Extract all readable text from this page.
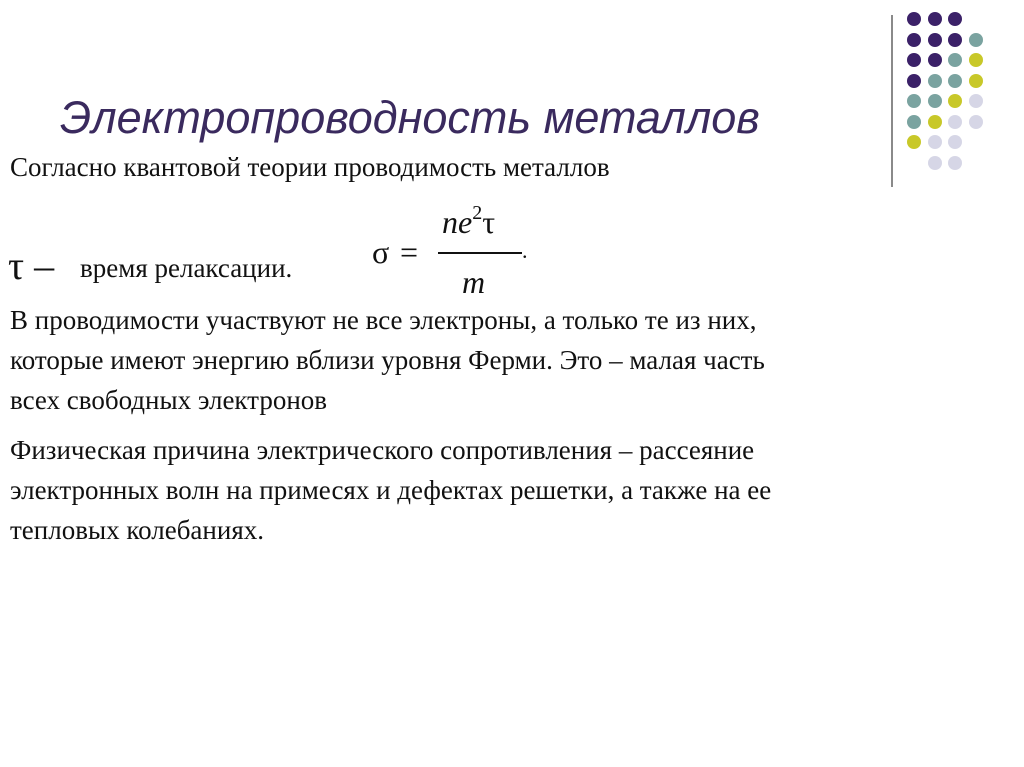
Электропроводность металлов
Согласно квантовой теории проводимость металлов
τ – время релаксации. σ =
$ne^2\tau$
m
.
В проводимости участвуют не все электроны, а только те из них,
которые имеют энергию вблизи уровня Ферми. Это – малая часть
всех свободных электронов
Физическая причина электрического сопротивления – рассеяние
электронных волн на примесях и дефектах решетки, а также на ее
тепловых колебаниях.
